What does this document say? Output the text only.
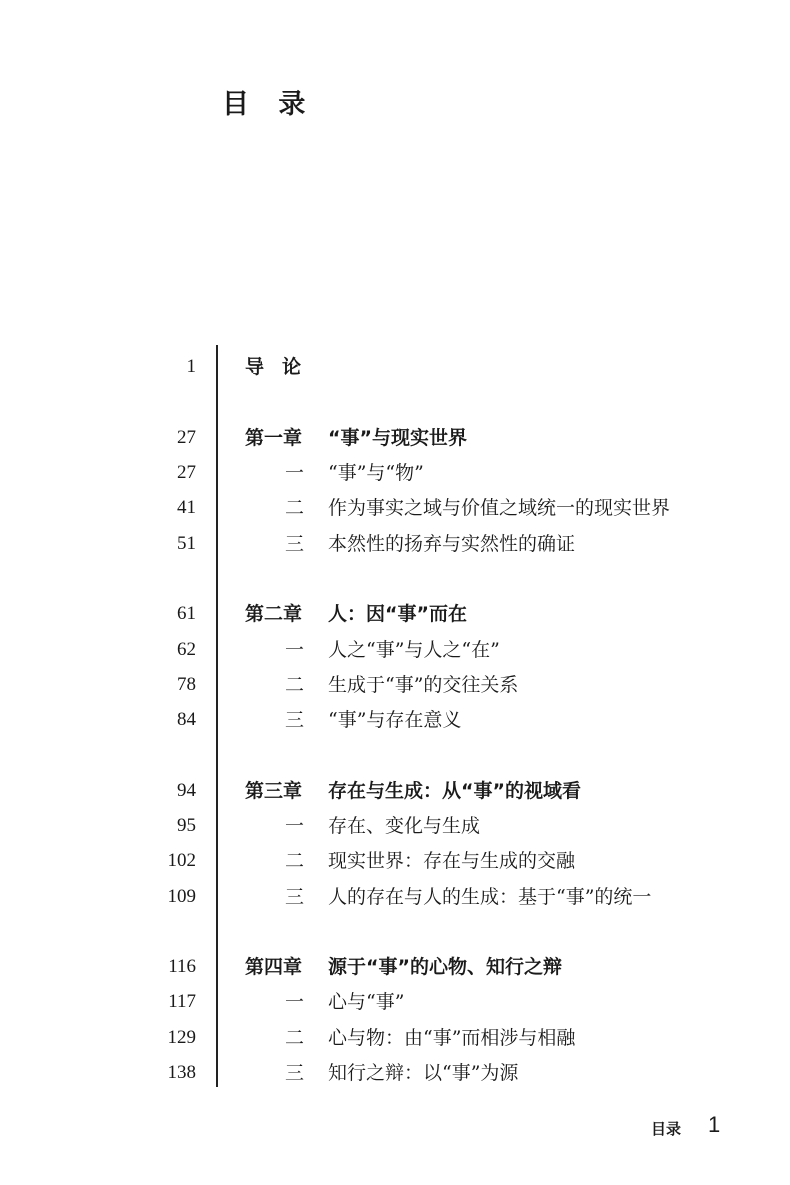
目 录
1	导论
27	第一章 “事”与现实世界
27	一 “事”与“物”
41	二 作为事实之域与价值之域统一的现实世界
51	三 本然性的扬弃与实然性的确证
61	第二章 人：因“事”而在
62	一 人之“事”与人之“在”
78	二 生成于“事”的交往关系
84	三 “事”与存在意义
94	第三章 存在与生成：从“事”的视域看
95	一 存在、变化与生成
102	二 现实世界：存在与生成的交融
109	三 人的存在与人的生成：基于“事”的统一
116	第四章 源于“事”的心物、知行之辩
117	一 心与“事”
129	二 心与物：由“事”而相涉与相融
138	三 知行之辩：以“事”为源
目录 1
